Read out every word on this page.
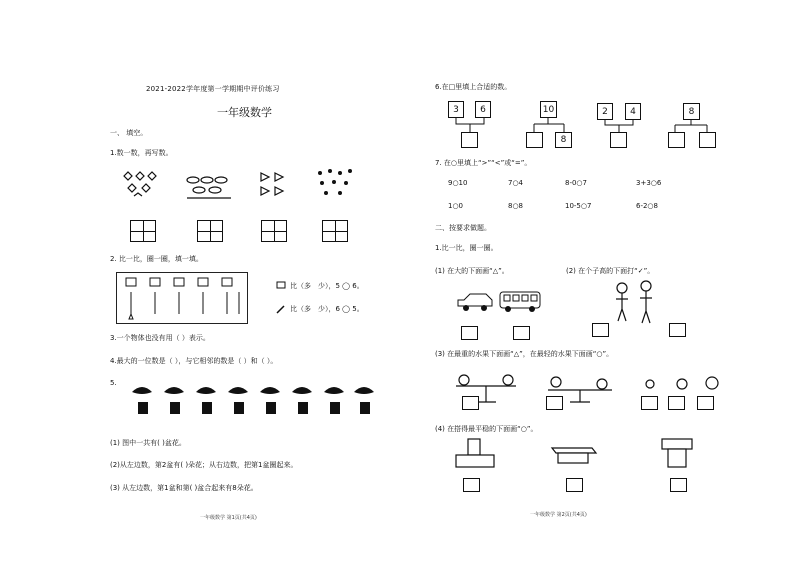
2021-2022学年度第一学期期中评价练习
一年级数学
一、 填空。
1.数一数，再写数。
2. 比一比，圈一圈，填一填。
比（多　少），5 ◯ 6。
比（多　少），6 ◯ 5。
3.一个物体也没有用（ ）表示。
4.最大的一位数是（ ），与它相邻的数是（ ）和（ ）。
5.
(1) 图中一共有( )盆花。
(2)从左边数，第2盆有( )朵花；从右边数，把第1盆圈起来。
(3) 从左边数，第1盆和第( )盆合起来有8朵花。
一年级数学 第1页(共4页)
6.在□里填上合适的数。
3	6	10
8
2	4	8
7. 在○里填上“>”“<”或“=”。
9○10	7○4	8-0○7	3+3○6
1○0	8○8	10-5○7	6-2○8
二、按要求做题。
1.比一比，圈一圈。
(1) 在大的下面画“△”。	(2) 在个子高的下面打“✓”。
(3) 在最重的水果下面画“△”，在最轻的水果下面画“○”。
(4) 在搭得最平稳的下面画“○”。
一年级数学 第2页(共4页)
